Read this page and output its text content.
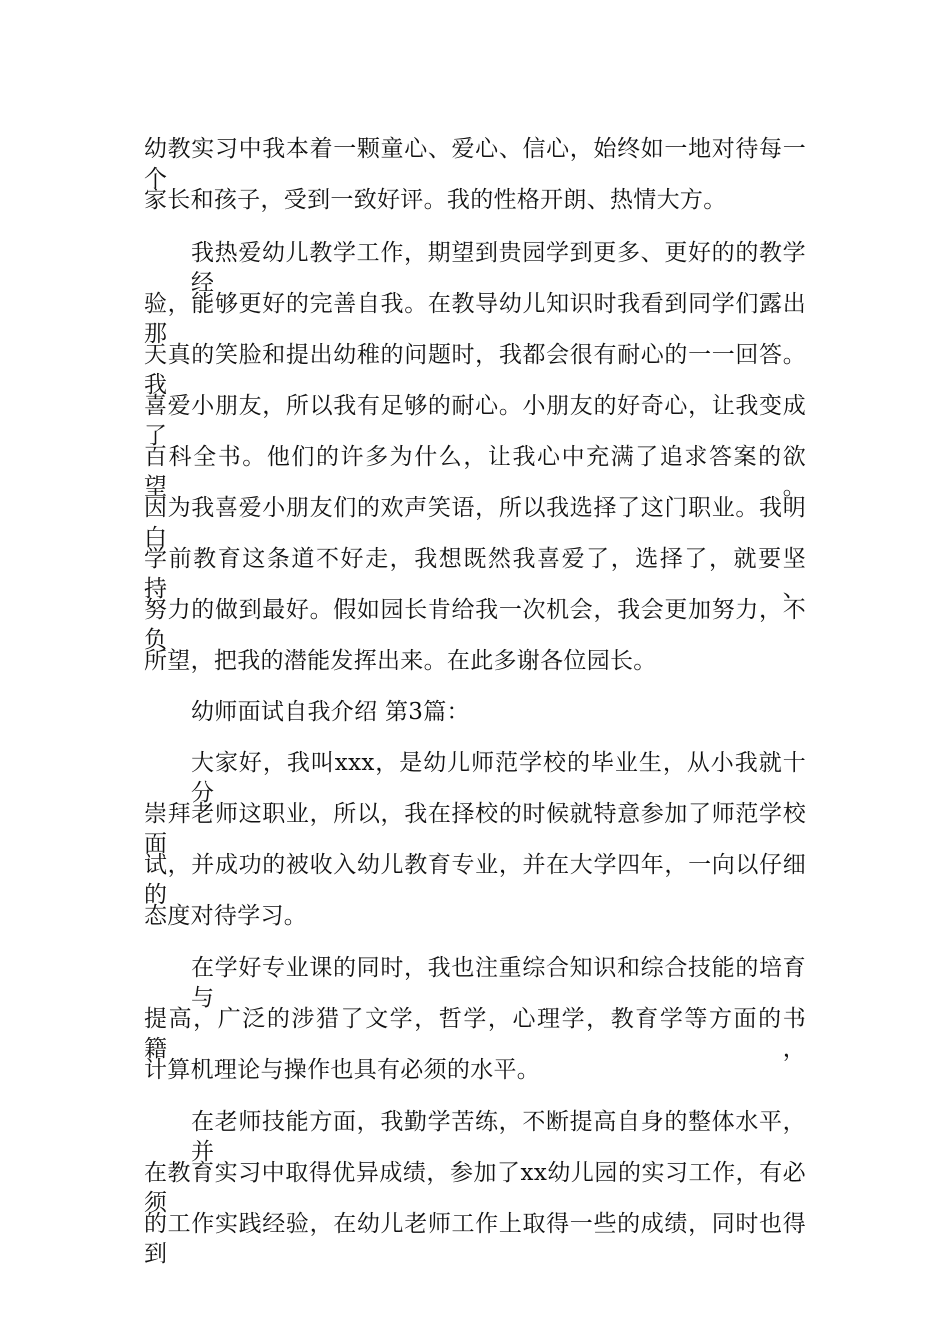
幼教实习中我本着一颗童心、爱心、信心，始终如一地对待每一个
家长和孩子，受到一致好评。我的性格开朗、热情大方。
我热爱幼儿教学工作，期望到贵园学到更多、更好的的教学经
验，能够更好的完善自我。在教导幼儿知识时我看到同学们露出那
天真的笑脸和提出幼稚的问题时，我都会很有耐心的一一回答。我
喜爱小朋友，所以我有足够的耐心。小朋友的好奇心，让我变成了
百科全书。他们的许多为什么，让我心中充满了追求答案的欲望。
因为我喜爱小朋友们的欢声笑语，所以我选择了这门职业。我明白
学前教育这条道不好走，我想既然我喜爱了，选择了，就要坚持、
努力的做到最好。假如园长肯给我一次机会，我会更加努力，不负
所望，把我的潜能发挥出来。在此多谢各位园长。
幼师面试自我介绍 第3篇：
大家好，我叫xxx，是幼儿师范学校的毕业生，从小我就十分
崇拜老师这职业，所以，我在择校的时候就特意参加了师范学校面
试，并成功的被收入幼儿教育专业，并在大学四年，一向以仔细的
态度对待学习。
在学好专业课的同时，我也注重综合知识和综合技能的培育与
提高，广泛的涉猎了文学，哲学，心理学，教育学等方面的书籍，
计算机理论与操作也具有必须的水平。
在老师技能方面，我勤学苦练，不断提高自身的整体水平，并
在教育实习中取得优异成绩，参加了xx幼儿园的实习工作，有必须
的工作实践经验，在幼儿老师工作上取得一些的成绩，同时也得到
